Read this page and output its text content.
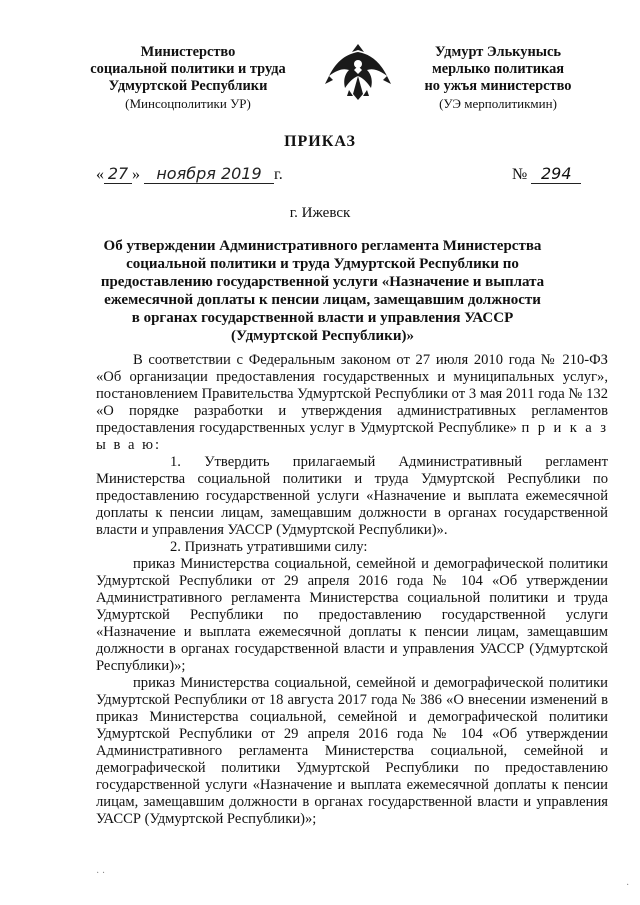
Министерство
социальной политики и труда
Удмуртской Республики
(Минсоцполитики УР)
Удмурт Элькунысь
мерлыко политикая
но ужъя министерство
(УЭ мерполитикмин)
ПРИКАЗ
« 27 » ноября 2019 г.	№ 294
г. Ижевск
Об утверждении Административного регламента Министерства социальной политики и труда Удмуртской Республики по предоставлению государственной услуги «Назначение и выплата ежемесячной доплаты к пенсии лицам, замещавшим должности в органах государственной власти и управления УАССР (Удмуртской Республики)»

В соответствии с Федеральным законом от 27 июля 2010 года № 210-ФЗ «Об организации предоставления государственных и муниципальных услуг», постановлением Правительства Удмуртской Республики от 3 мая 2011 года № 132 «О порядке разработки и утверждения административных регламентов предоставления государственных услуг в Удмуртской Республике» п р и к а з ы в а ю:

1. Утвердить прилагаемый Административный регламент Министерства социальной политики и труда Удмуртской Республики по предоставлению государственной услуги «Назначение и выплата ежемесячной доплаты к пенсии лицам, замещавшим должности в органах государственной власти и управления УАССР (Удмуртской Республики)».

2. Признать утратившими силу:

приказ Министерства социальной, семейной и демографической политики Удмуртской Республики от 29 апреля 2016 года № 104 «Об утверждении Административного регламента Министерства социальной политики и труда Удмуртской Республики по предоставлению государственной услуги «Назначение и выплата ежемесячной доплаты к пенсии лицам, замещавшим должности в органах государственной власти и управления УАССР (Удмуртской Республики)»;

приказ Министерства социальной, семейной и демографической политики Удмуртской Республики от 18 августа 2017 года № 386 «О внесении изменений в приказ Министерства социальной, семейной и демографической политики Удмуртской Республики от 29 апреля 2016 года № 104 «Об утверждении Административного регламента Министерства социальной, семейной и демографической политики Удмуртской Республики по предоставлению государственной услуги «Назначение и выплата ежемесячной доплаты к пенсии лицам, замещавшим должности в органах государственной власти и управления УАССР (Удмуртской Республики)»;

· ·
·
